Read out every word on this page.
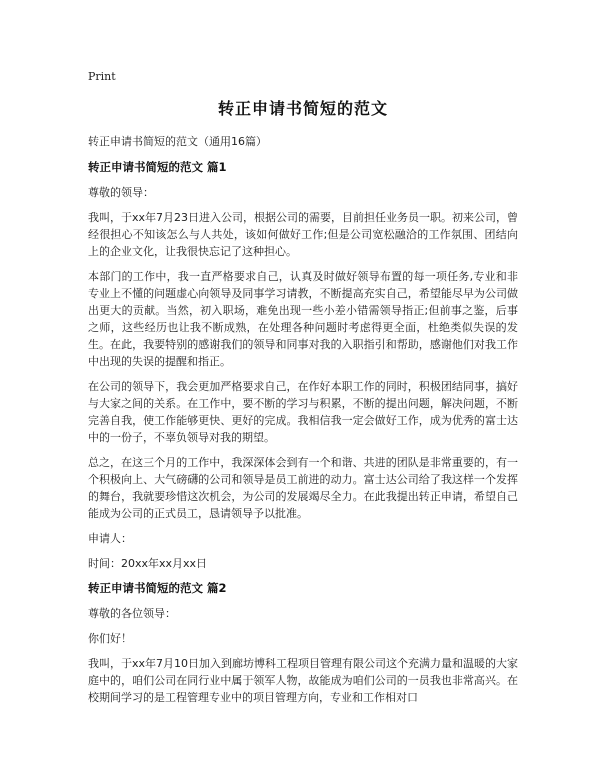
Print
转正申请书简短的范文

转正申请书简短的范文（通用16篇）

转正申请书简短的范文 篇1

尊敬的领导：

我叫，于xx年7月23日进入公司，根据公司的需要，目前担任业务员一职。初来公司，曾经很担心不知该怎么与人共处，该如何做好工作;但是公司宽松融洽的工作氛围、团结向上的企业文化，让我很快忘记了这种担心。

本部门的工作中，我一直严格要求自己，认真及时做好领导布置的每一项任务,专业和非专业上不懂的问题虚心向领导及同事学习请教，不断提高充实自己，希望能尽早为公司做出更大的贡献。当然，初入职场，难免出现一些小差小错需领导指正;但前事之鉴，后事之师，这些经历也让我不断成熟，在处理各种问题时考虑得更全面，杜绝类似失误的发生。在此，我要特别的感谢我们的领导和同事对我的入职指引和帮助，感谢他们对我工作中出现的失误的提醒和指正。

在公司的领导下，我会更加严格要求自己，在作好本职工作的同时，积极团结同事，搞好与大家之间的关系。在工作中，要不断的学习与积累，不断的提出问题，解决问题，不断完善自我，使工作能够更快、更好的完成。我相信我一定会做好工作，成为优秀的富士达中的一份子，不辜负领导对我的期望。

总之，在这三个月的工作中，我深深体会到有一个和谐、共进的团队是非常重要的，有一个积极向上、大气磅礴的公司和领导是员工前进的动力。富士达公司给了我这样一个发挥的舞台，我就要珍惜这次机会，为公司的发展竭尽全力。在此我提出转正申请，希望自己能成为公司的正式员工，恳请领导予以批准。

申请人：

时间：20xx年xx月xx日

转正申请书简短的范文 篇2

尊敬的各位领导：

你们好！

我叫，于xx年7月10日加入到廊坊博科工程项目管理有限公司这个充满力量和温暖的大家庭中的，咱们公司在同行业中属于领军人物，故能成为咱们公司的一员我也非常高兴。在校期间学习的是工程管理专业中的项目管理方向，专业和工作相对口
